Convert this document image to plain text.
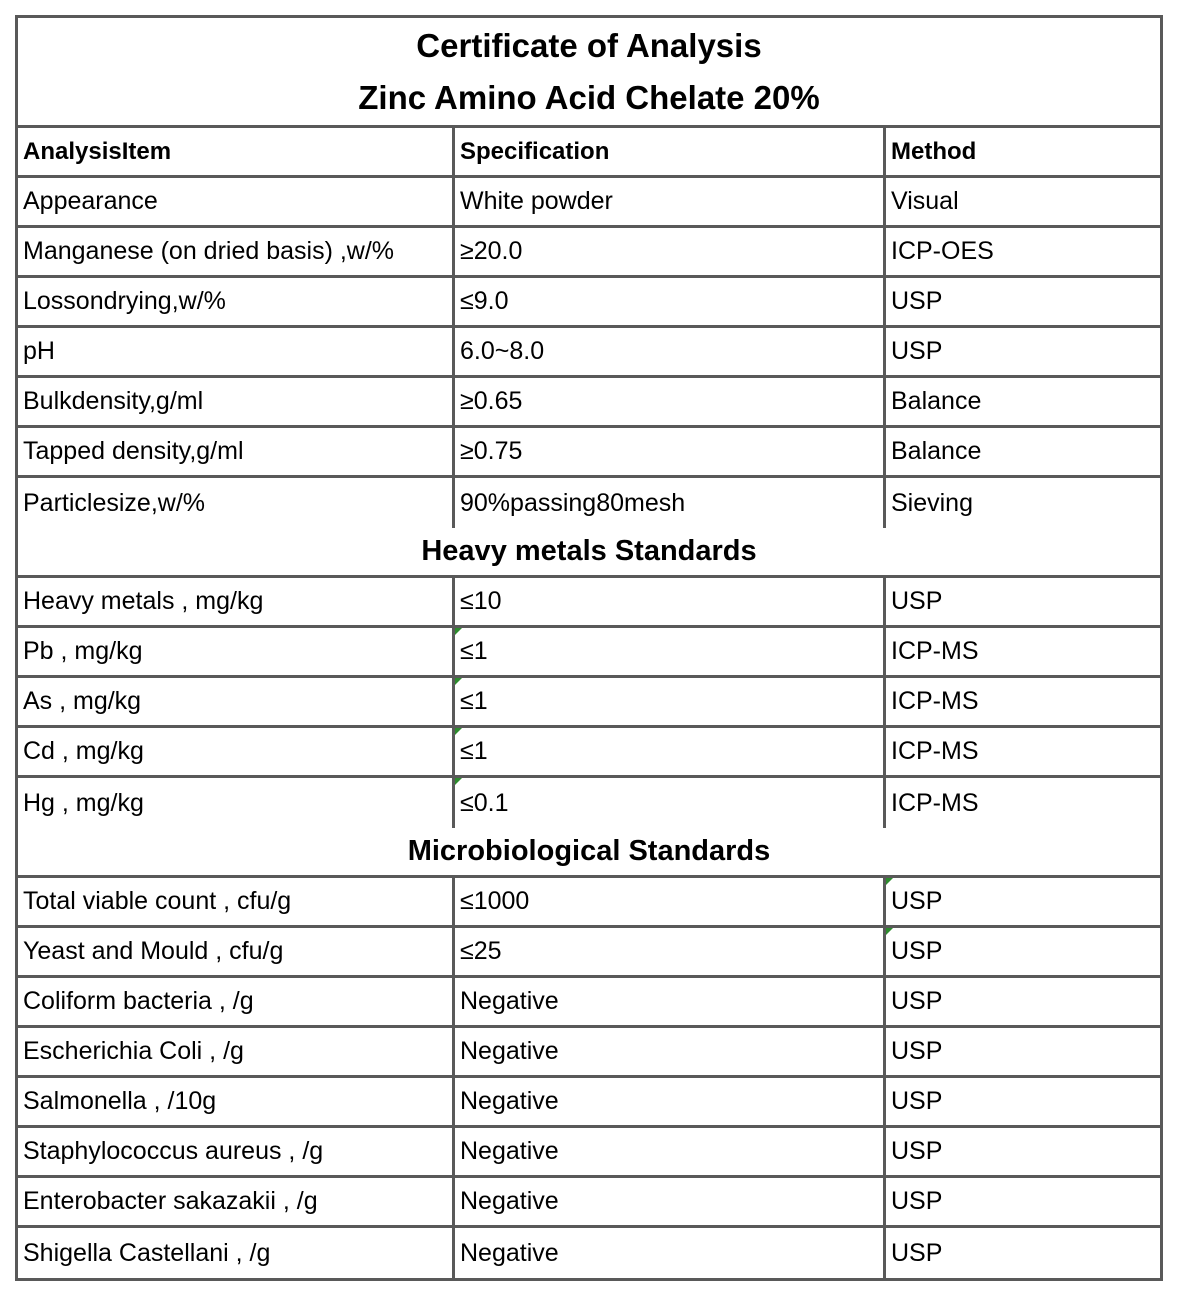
Certificate of Analysis
Zinc Amino Acid Chelate 20%
AnalysisItem	Specification	Method
Appearance	White powder	Visual
Manganese (on dried basis) ,w/%	≥20.0	ICP-OES
Lossondrying,w/%	≤9.0	USP
pH	6.0~8.0	USP
Bulkdensity,g/ml	≥0.65	Balance
Tapped density,g/ml	≥0.75	Balance
Particlesize,w/%	90%passing80mesh	Sieving
Heavy metals Standards
Heavy metals , mg/kg	≤10	USP
Pb , mg/kg	≤1	ICP-MS
As , mg/kg	≤1	ICP-MS
Cd , mg/kg	≤1	ICP-MS
Hg , mg/kg	≤0.1	ICP-MS
Microbiological Standards
Total viable count , cfu/g	≤1000	USP
Yeast and Mould , cfu/g	≤25	USP
Coliform bacteria , /g	Negative	USP
Escherichia Coli , /g	Negative	USP
Salmonella , /10g	Negative	USP
Staphylococcus aureus , /g	Negative	USP
Enterobacter sakazakii , /g	Negative	USP
Shigella Castellani , /g	Negative	USP
